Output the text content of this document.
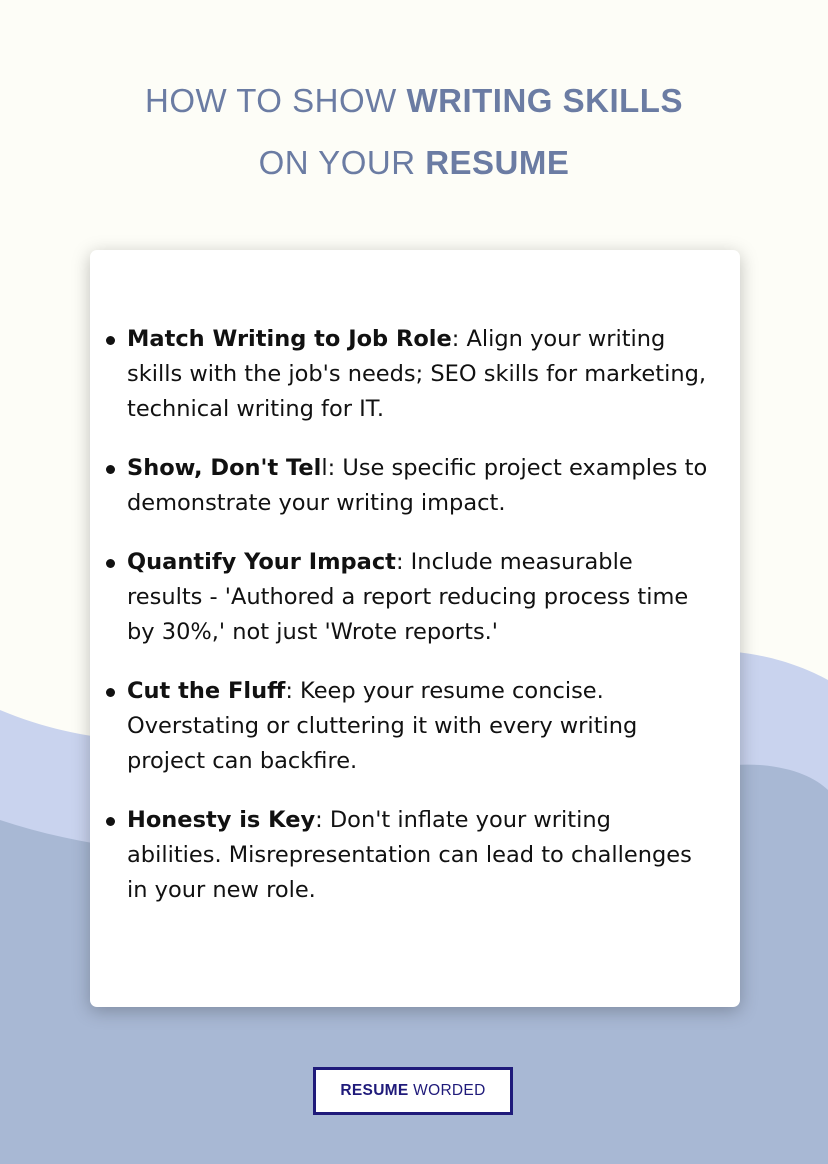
HOW TO SHOW WRITING SKILLS
ON YOUR RESUME
Match Writing to Job Role: Align your writing skills with the job's needs; SEO skills for marketing, technical writing for IT.
Show, Don't Tell: Use specific project examples to demonstrate your writing impact.
Quantify Your Impact: Include measurable results - 'Authored a report reducing process time by 30%,' not just 'Wrote reports.'
Cut the Fluff: Keep your resume concise. Overstating or cluttering it with every writing project can backfire.
Honesty is Key: Don't inflate your writing abilities. Misrepresentation can lead to challenges in your new role.
RESUME WORDED
